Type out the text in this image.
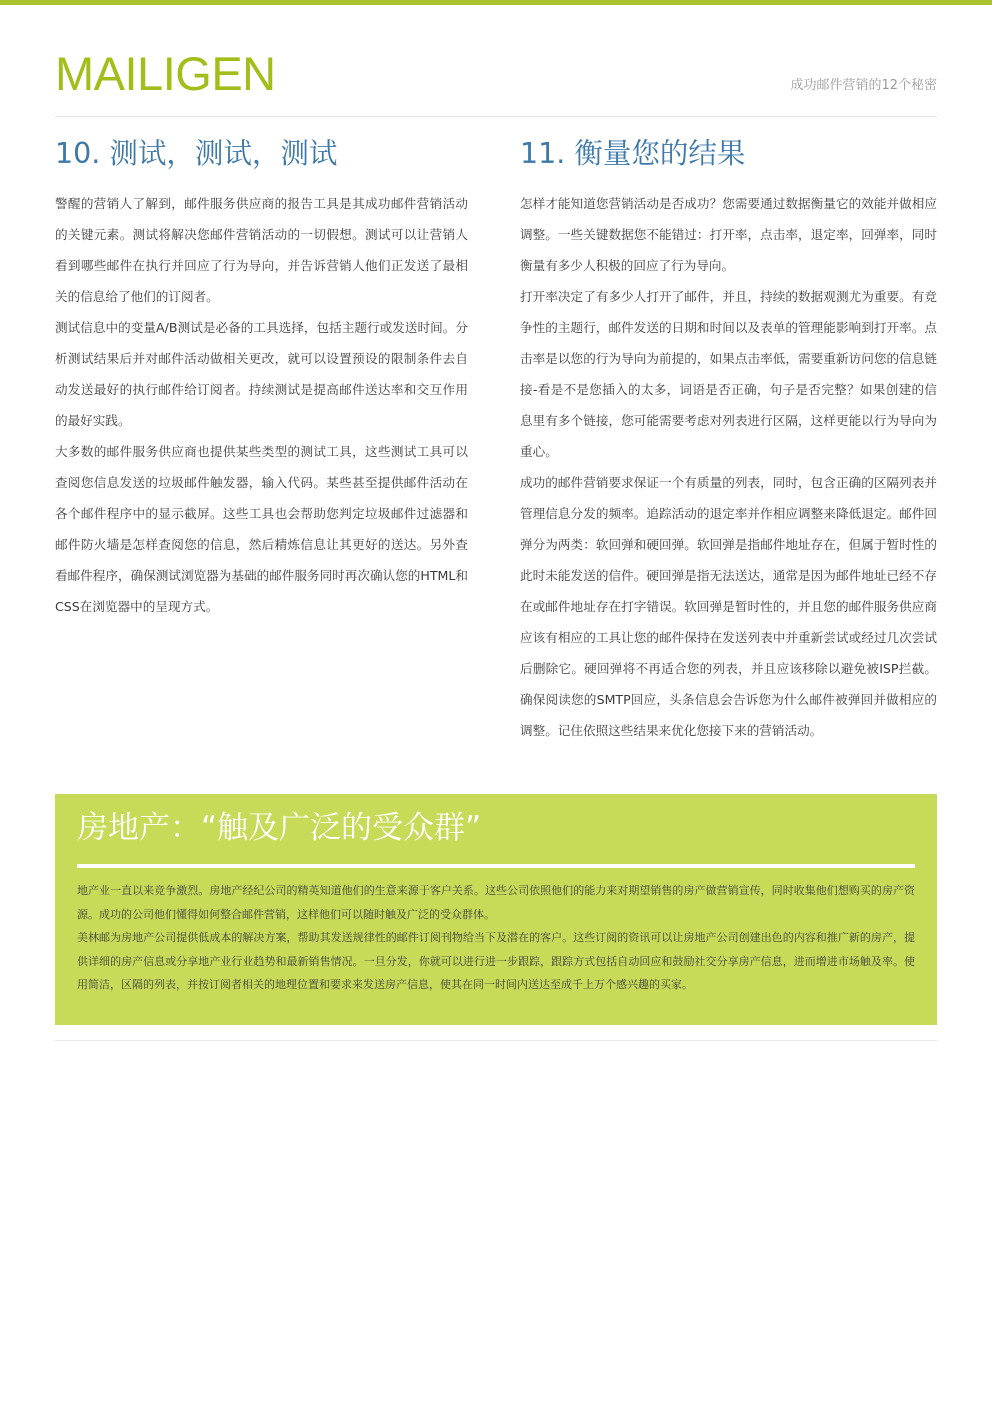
MAILIGEN	成功邮件营销的12个秘密
10. 测试，测试，测试

警醒的营销人了解到，邮件服务供应商的报告工具是其成功邮件营销活动的关键元素。测试将解决您邮件营销活动的一切假想。测试可以让营销人看到哪些邮件在执行并回应了行为导向，并告诉营销人他们正发送了最相关的信息给了他们的订阅者。

测试信息中的变量A/B测试是必备的工具选择，包括主题行或发送时间。分析测试结果后并对邮件活动做相关更改，就可以设置预设的限制条件去自动发送最好的执行邮件给订阅者。持续测试是提高邮件送达率和交互作用的最好实践。

大多数的邮件服务供应商也提供某些类型的测试工具，这些测试工具可以查阅您信息发送的垃圾邮件触发器，输入代码。某些甚至提供邮件活动在各个邮件程序中的显示截屏。这些工具也会帮助您判定垃圾邮件过滤器和邮件防火墙是怎样查阅您的信息，然后精炼信息让其更好的送达。另外查看邮件程序，确保测试浏览器为基础的邮件服务同时再次确认您的HTML和CSS在浏览器中的呈现方式。

11. 衡量您的结果

怎样才能知道您营销活动是否成功？您需要通过数据衡量它的效能并做相应调整。一些关键数据您不能错过：打开率，点击率，退定率，回弹率，同时衡量有多少人积极的回应了行为导向。

打开率决定了有多少人打开了邮件，并且，持续的数据观测尤为重要。有竞争性的主题行，邮件发送的日期和时间以及表单的管理能影响到打开率。点击率是以您的行为导向为前提的，如果点击率低，需要重新访问您的信息链接-看是不是您插入的太多，词语是否正确，句子是否完整？如果创建的信息里有多个链接，您可能需要考虑对列表进行区隔，这样更能以行为导向为重心。

成功的邮件营销要求保证一个有质量的列表，同时，包含正确的区隔列表并管理信息分发的频率。追踪活动的退定率并作相应调整来降低退定。邮件回弹分为两类：软回弹和硬回弹。软回弹是指邮件地址存在，但属于暂时性的此时未能发送的信件。硬回弹是指无法送达，通常是因为邮件地址已经不存在或邮件地址存在打字错误。软回弹是暂时性的，并且您的邮件服务供应商应该有相应的工具让您的邮件保持在发送列表中并重新尝试或经过几次尝试后删除它。硬回弹将不再适合您的列表，并且应该移除以避免被ISP拦截。确保阅读您的SMTP回应，头条信息会告诉您为什么邮件被弹回并做相应的调整。记住依照这些结果来优化您接下来的营销活动。

房地产：“触及广泛的受众群”

地产业一直以来竞争激烈。房地产经纪公司的精英知道他们的生意来源于客户关系。这些公司依照他们的能力来对期望销售的房产做营销宣传，同时收集他们想购买的房产资源。成功的公司他们懂得如何整合邮件营销，这样他们可以随时触及广泛的受众群体。

美林邮为房地产公司提供低成本的解决方案，帮助其发送规律性的邮件订阅刊物给当下及潜在的客户。这些订阅的资讯可以让房地产公司创建出色的内容和推广新的房产，提供详细的房产信息或分享地产业行业趋势和最新销售情况。一旦分发，你就可以进行进一步跟踪，跟踪方式包括自动回应和鼓励社交分享房产信息，进而增进市场触及率。使用简洁，区隔的列表，并按订阅者相关的地理位置和要求来发送房产信息，使其在同一时间内送达至成千上万个感兴趣的买家。
